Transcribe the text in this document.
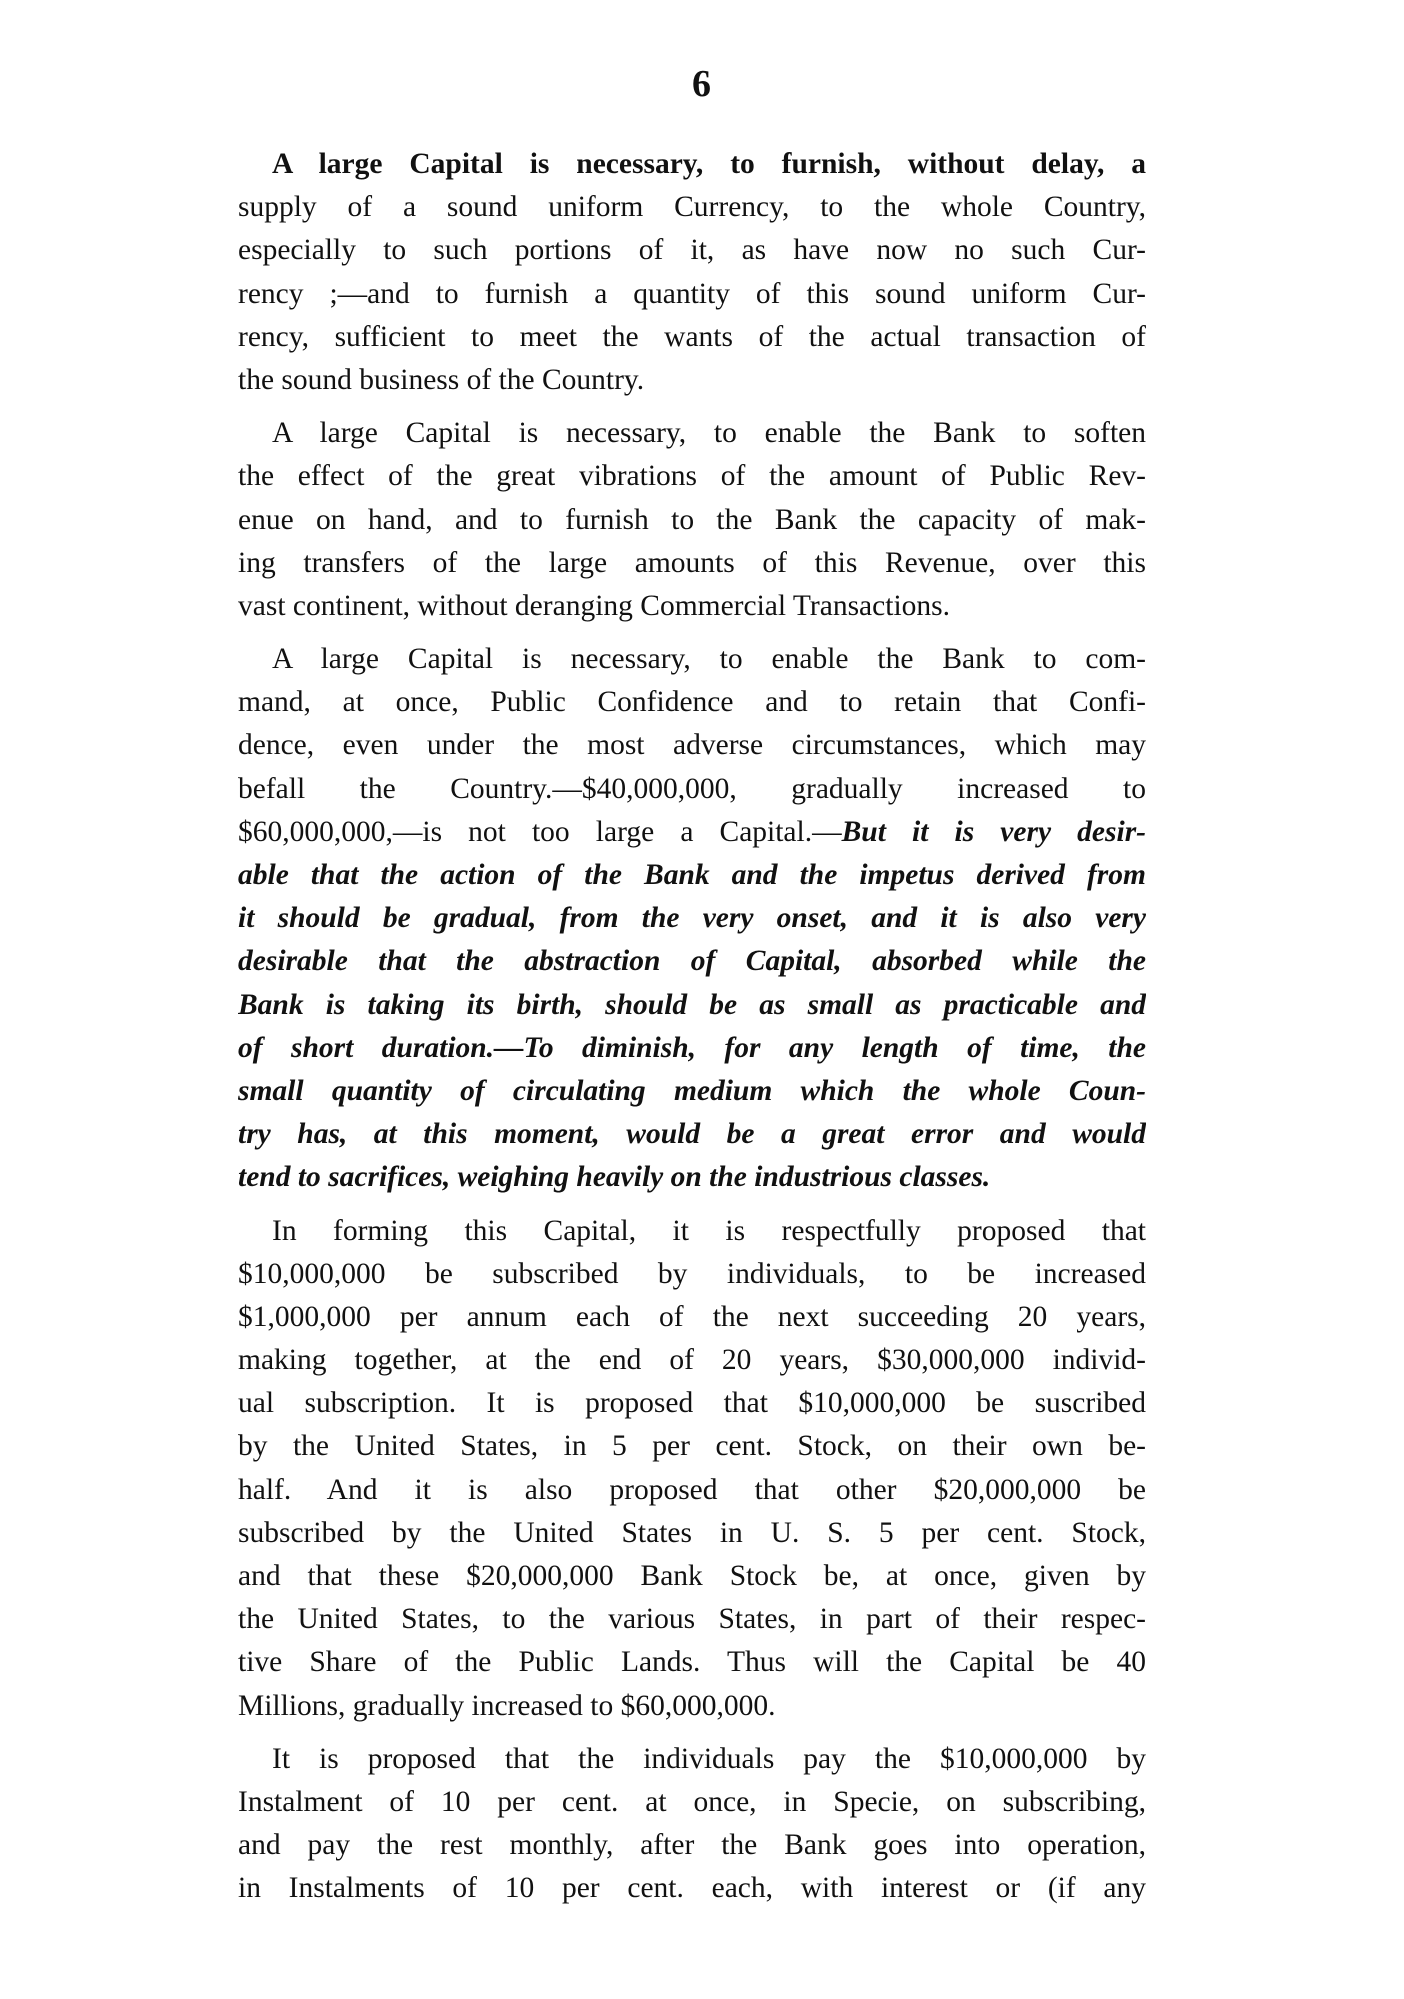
6
A large Capital is necessary, to furnish, without delay, a
supply of a sound uniform Currency, to the whole Country,
especially to such portions of it, as have now no such Cur-
rency ;—and to furnish a quantity of this sound uniform Cur-
rency, sufficient to meet the wants of the actual transaction of
the sound business of the Country.
A large Capital is necessary, to enable the Bank to soften
the effect of the great vibrations of the amount of Public Rev-
enue on hand, and to furnish to the Bank the capacity of mak-
ing transfers of the large amounts of this Revenue, over this
vast continent, without deranging Commercial Transactions.
A large Capital is necessary, to enable the Bank to com-
mand, at once, Public Confidence and to retain that Confi-
dence, even under the most adverse circumstances, which may
befall the Country.—$40,000,000, gradually increased to
$60,000,000,—is not too large a Capital.—But it is very desir-
able that the action of the Bank and the impetus derived from
it should be gradual, from the very onset, and it is also very
desirable that the abstraction of Capital, absorbed while the
Bank is taking its birth, should be as small as practicable and
of short duration.—To diminish, for any length of time, the
small quantity of circulating medium which the whole Coun-
try has, at this moment, would be a great error and would
tend to sacrifices, weighing heavily on the industrious classes.
In forming this Capital, it is respectfully proposed that
$10,000,000 be subscribed by individuals, to be increased
$1,000,000 per annum each of the next succeeding 20 years,
making together, at the end of 20 years, $30,000,000 individ-
ual subscription. It is proposed that $10,000,000 be suscribed
by the United States, in 5 per cent. Stock, on their own be-
half. And it is also proposed that other $20,000,000 be
subscribed by the United States in U. S. 5 per cent. Stock,
and that these $20,000,000 Bank Stock be, at once, given by
the United States, to the various States, in part of their respec-
tive Share of the Public Lands. Thus will the Capital be 40
Millions, gradually increased to $60,000,000.
It is proposed that the individuals pay the $10,000,000 by
Instalment of 10 per cent. at once, in Specie, on subscribing,
and pay the rest monthly, after the Bank goes into operation,
in Instalments of 10 per cent. each, with interest or (if any
